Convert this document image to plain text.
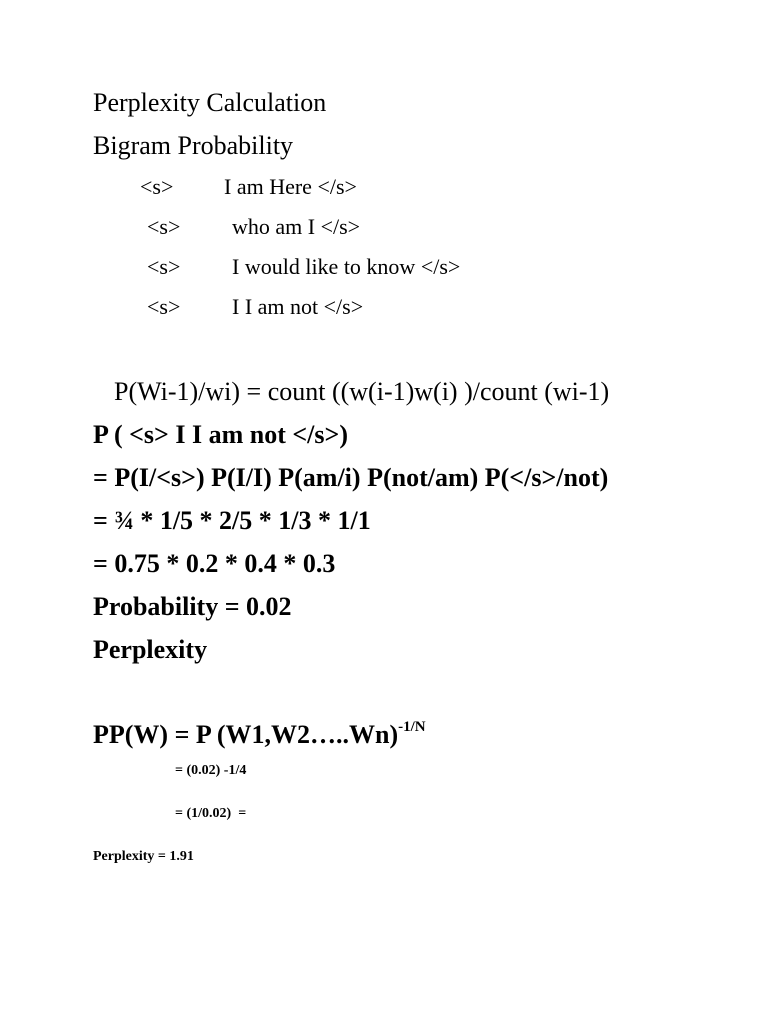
Perplexity Calculation
Bigram Probability

<s>

I am Here </s>

<s>

who am I </s>

<s>

I would like to know </s>

<s>

I I am not </s>

P(Wi-1)/wi) = count ((w(i-1)w(i) )/count (wi-1)
P ( <s> I I am not </s>)
= P(I/<s>) P(I/I) P(am/i) P(not/am) P(</s>/not)
= ¾ * 1/5 * 2/5 * 1/3 * 1/1
= 0.75 * 0.2 * 0.4 * 0.3
Probability = 0.02
Perplexity
PP(W) = P (W1,W2…..Wn)$^{-1/N}$
= (0.02) -1/4
= (1/0.02)  =
Perplexity = 1.91
